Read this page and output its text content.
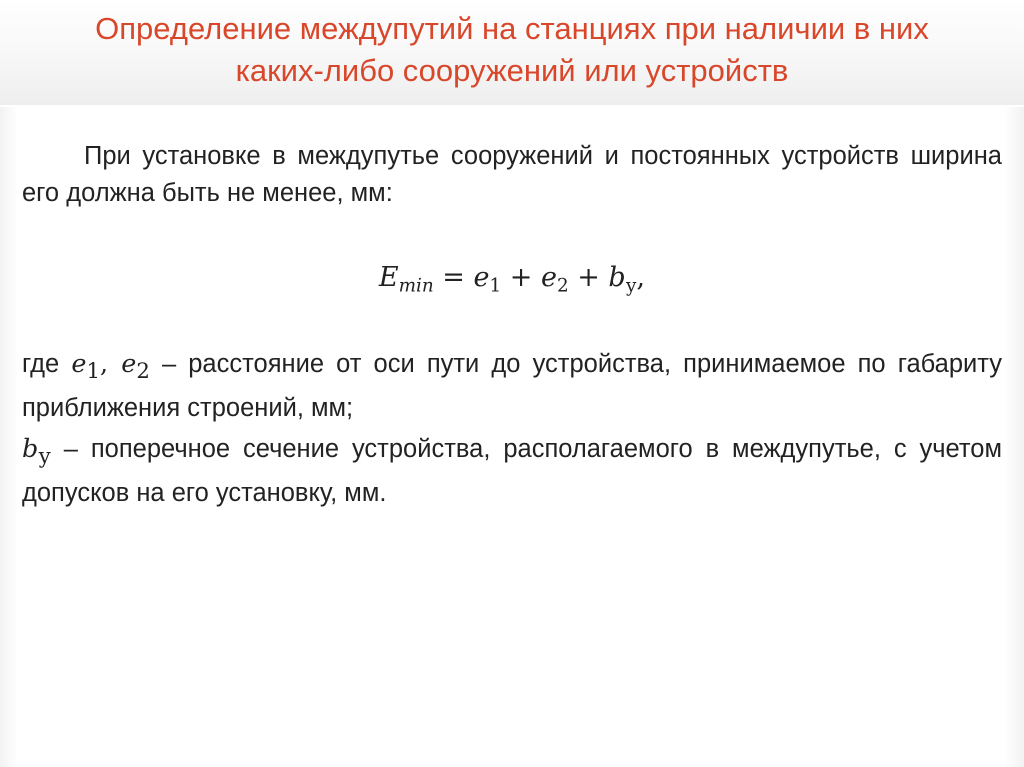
Определение междупутий на станциях при наличии в них
каких-либо сооружений или устройств

При установке в междупутье сооружений и постоянных устройств ширина его должна быть не менее, мм:

$E_{min} = e_1 + e_2 + b_у$,

где $e_1$, $e_2$ – расстояние от оси пути до устройства, принимаемое по габариту приближения строений, мм;

$b_у$ – поперечное сечение устройства, располагаемого в междупутье, с учетом допусков на его установку, мм.
